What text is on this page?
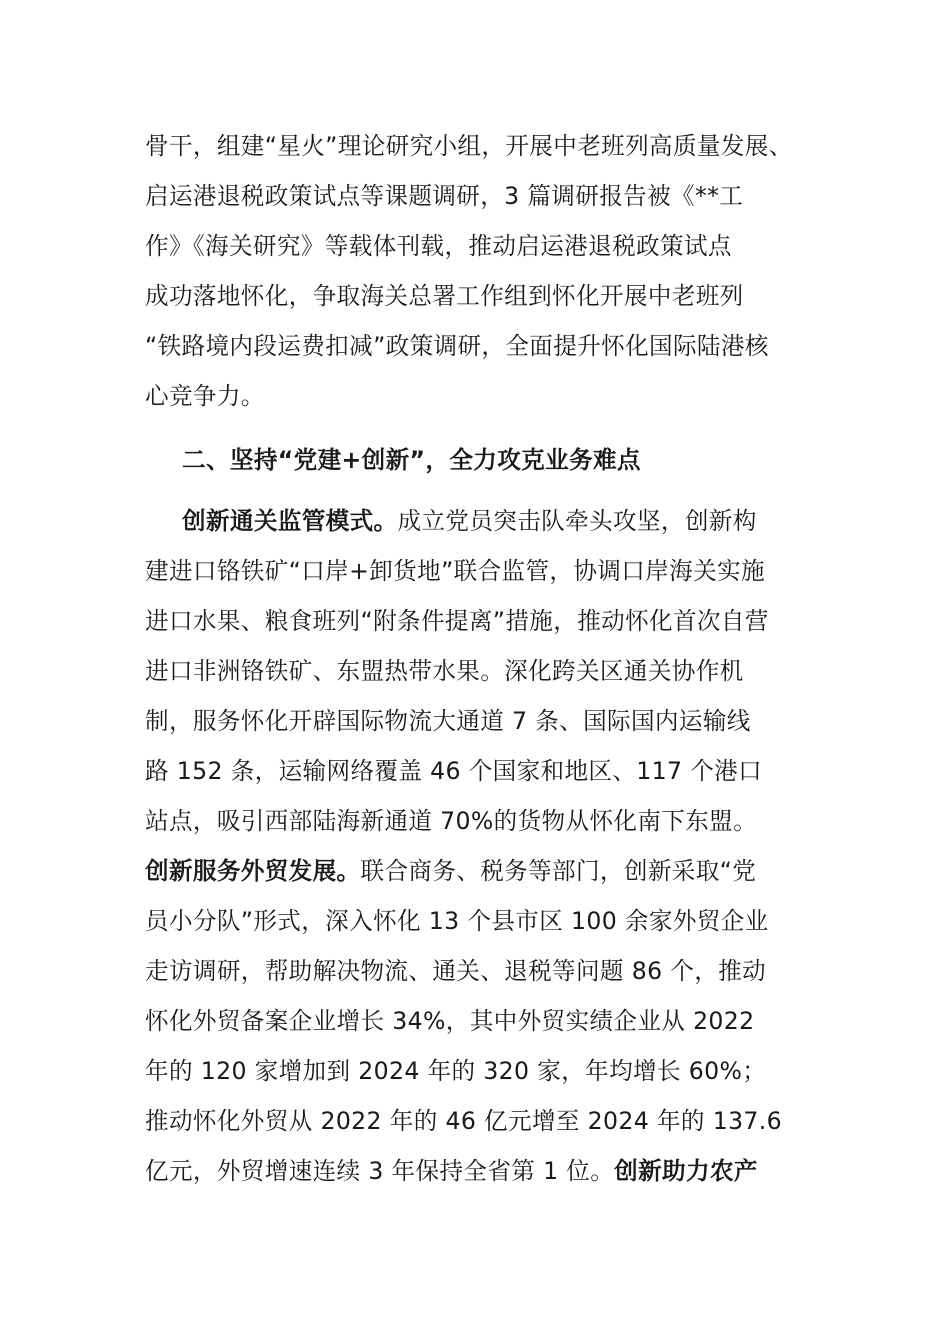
骨干，组建“星火”理论研究小组，开展中老班列高质量发展、
启运港退税政策试点等课题调研，3 篇调研报告被《**工
作》《海关研究》等载体刊载，推动启运港退税政策试点
成功落地怀化，争取海关总署工作组到怀化开展中老班列
“铁路境内段运费扣减”政策调研，全面提升怀化国际陆港核
心竞争力。
二、坚持“党建+创新”，全力攻克业务难点
创新通关监管模式。成立党员突击队牵头攻坚，创新构
建进口铬铁矿“口岸+卸货地”联合监管，协调口岸海关实施
进口水果、粮食班列“附条件提离”措施，推动怀化首次自营
进口非洲铬铁矿、东盟热带水果。深化跨关区通关协作机
制，服务怀化开辟国际物流大通道 7 条、国际国内运输线
路 152 条，运输网络覆盖 46 个国家和地区、117 个港口
站点，吸引西部陆海新通道 70%的货物从怀化南下东盟。
创新服务外贸发展。联合商务、税务等部门，创新采取“党
员小分队”形式，深入怀化 13 个县市区 100 余家外贸企业
走访调研，帮助解决物流、通关、退税等问题 86 个，推动
怀化外贸备案企业增长 34%，其中外贸实绩企业从 2022
年的 120 家增加到 2024 年的 320 家，年均增长 60%；
推动怀化外贸从 2022 年的 46 亿元增至 2024 年的 137.6
亿元，外贸增速连续 3 年保持全省第 1 位。创新助力农产
